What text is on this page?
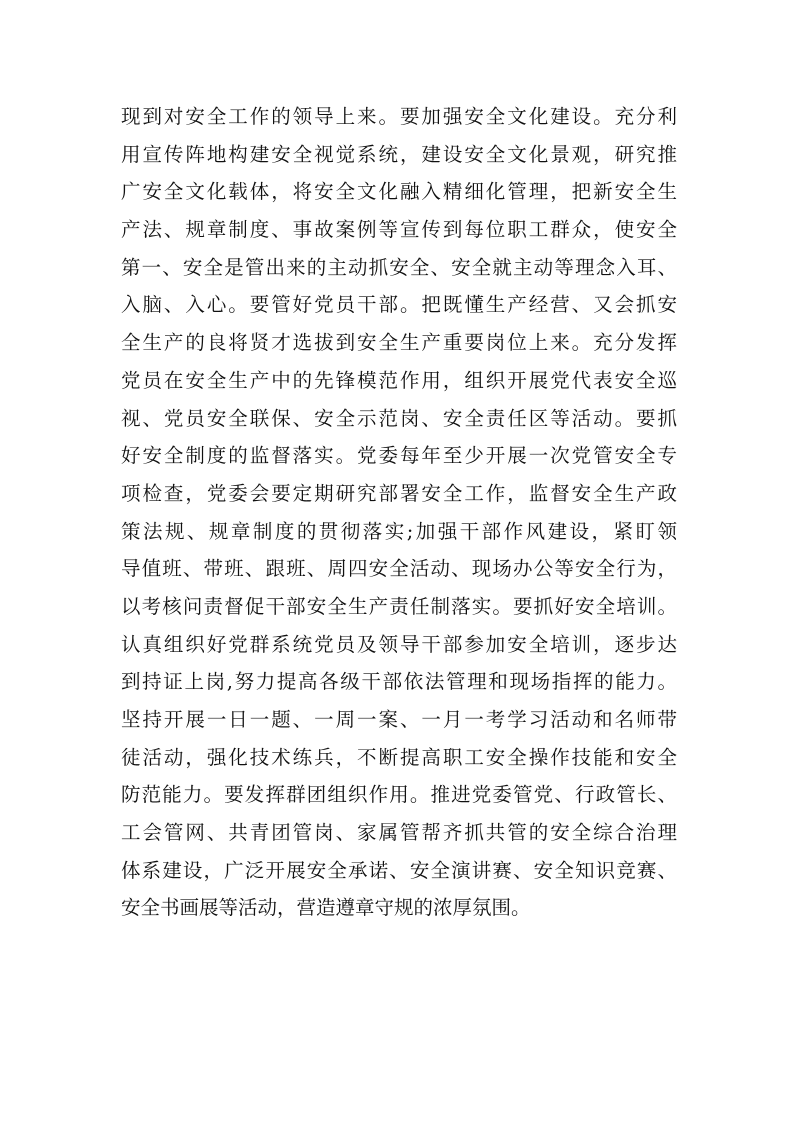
现到对安全工作的领导上来。要加强安全文化建设。充分利
用宣传阵地构建安全视觉系统，建设安全文化景观，研究推
广安全文化载体，将安全文化融入精细化管理，把新安全生
产法、规章制度、事故案例等宣传到每位职工群众，使安全
第一、安全是管出来的主动抓安全、安全就主动等理念入耳、
入脑、入心。要管好党员干部。把既懂生产经营、又会抓安
全生产的良将贤才选拔到安全生产重要岗位上来。充分发挥
党员在安全生产中的先锋模范作用，组织开展党代表安全巡
视、党员安全联保、安全示范岗、安全责任区等活动。要抓
好安全制度的监督落实。党委每年至少开展一次党管安全专
项检查，党委会要定期研究部署安全工作，监督安全生产政
策法规、规章制度的贯彻落实;加强干部作风建设，紧盯领
导值班、带班、跟班、周四安全活动、现场办公等安全行为，
以考核问责督促干部安全生产责任制落实。要抓好安全培训。
认真组织好党群系统党员及领导干部参加安全培训，逐步达
到持证上岗,努力提高各级干部依法管理和现场指挥的能力。
坚持开展一日一题、一周一案、一月一考学习活动和名师带
徒活动，强化技术练兵，不断提高职工安全操作技能和安全
防范能力。要发挥群团组织作用。推进党委管党、行政管长、
工会管网、共青团管岗、家属管帮齐抓共管的安全综合治理
体系建设，广泛开展安全承诺、安全演讲赛、安全知识竞赛、
安全书画展等活动，营造遵章守规的浓厚氛围。
